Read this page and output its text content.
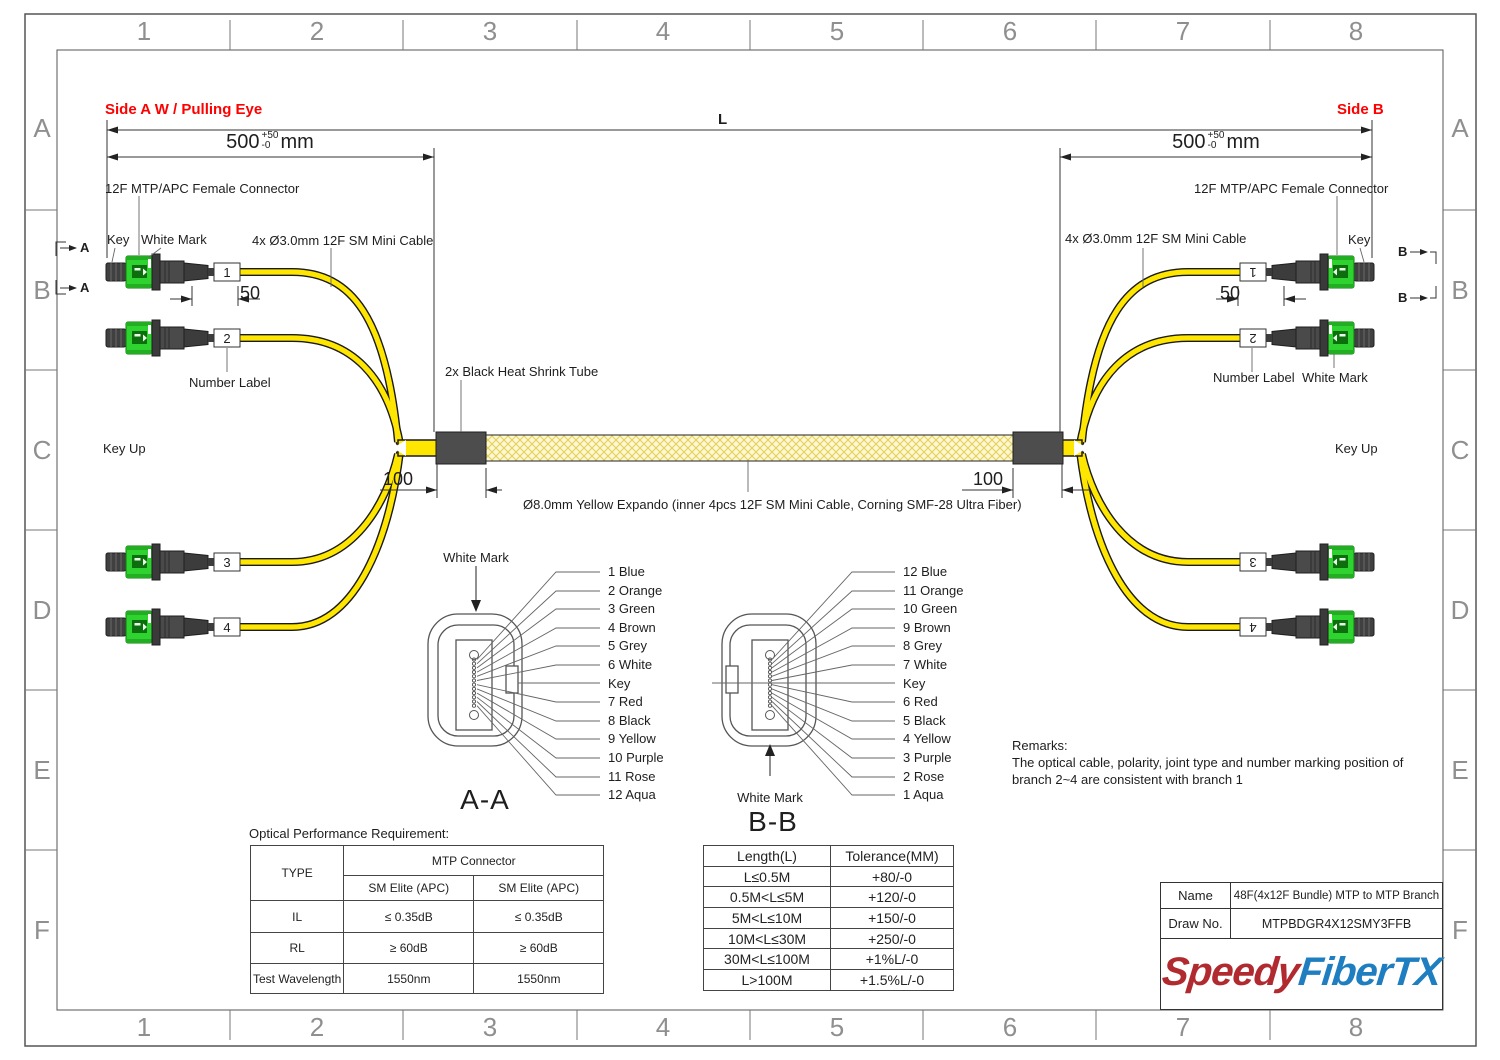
1	2	3	4	5	6	7	8
1	2	3	4	5	6	7	8
A
B
C
D
E
F
A
B
C
D
E
F
Side A W / Pulling Eye	Side B
L
500 +50
-0 mm	500 +50
-0 mm
50	50
100	100
12F MTP/APC Female Connector	12F MTP/APC Female Connector
Key	Key
White Mark	4x Ø3.0mm 12F SM Mini Cable	4x Ø3.0mm 12F SM Mini Cable
Number Label	Number Label White Mark
Key Up	Key Up
2x Black Heat Shrink Tube
Ø8.0mm Yellow Expando (inner 4pcs 12F SM Mini Cable, Corning SMF-28 Ultra Fiber)
A
A
B
B
1
2
3
4
1
2
3
4
White Mark
A-A
1 Blue
2 Orange
3 Green
4 Brown
5 Grey
6 White
Key
7 Red
8 Black
9 Yellow
10 Purple
11 Rose
12 Aqua	White Mark
B-B
12 Blue
11 Orange
10 Green
9 Brown
8 Grey
7 White
Key
6 Red
5 Black
4 Yellow
3 Purple
2 Rose
1 Aqua
Remarks:
The optical cable, polarity, joint type and number marking position of
branch 2~4 are consistent with branch 1
Optical Performance Requirement:
TYPE	MTP Connector	
	SM Elite (APC)	SM Elite (APC)
IL	≤ 0.35dB	≤ 0.35dB
RL	≥ 60dB	≥ 60dB
Test Wavelength	1550nm	1550nm
Length(L)	Tolerance(MM)
L≤0.5M	+80/-0
0.5M<L≤5M	+120/-0
5M<L≤10M	+150/-0
10M<L≤30M	+250/-0
30M<L≤100M	+1%L/-0
L>100M	+1.5%L/-0
Name	48F(4x12F Bundle) MTP to MTP Branch
Draw No.	MTPBDGR4X12SMY3FFB
Speedy
FiberTX
